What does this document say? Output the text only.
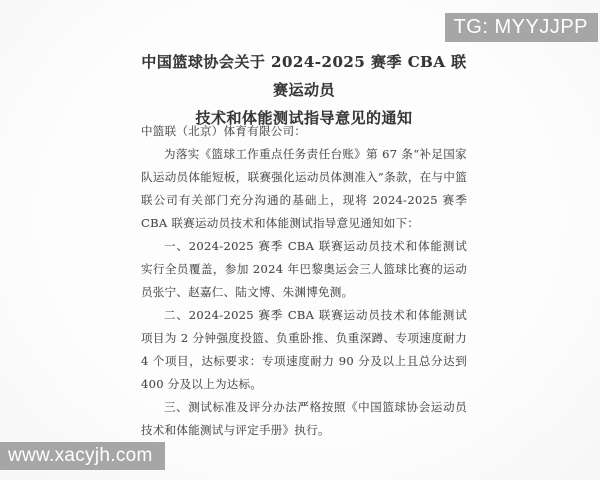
中国篮球协会关于 2024-2025 赛季 CBA 联赛运动员
技术和体能测试指导意见的通知

中篮联（北京）体育有限公司：

为落实《篮球工作重点任务责任台账》第 67 条“补足国家队运动员体能短板，联赛强化运动员体测准入”条款，在与中篮联公司有关部门充分沟通的基础上，现将 2024-2025 赛季 CBA 联赛运动员技术和体能测试指导意见通知如下：

一、2024-2025 赛季 CBA 联赛运动员技术和体能测试实行全员覆盖，参加 2024 年巴黎奥运会三人篮球比赛的运动员张宁、赵嘉仁、陆文博、朱渊博免测。

二、2024-2025 赛季 CBA 联赛运动员技术和体能测试项目为 2 分钟强度投篮、负重卧推、负重深蹲、专项速度耐力 4 个项目，达标要求：专项速度耐力 90 分及以上且总分达到 400 分及以上为达标。

三、测试标准及评分办法严格按照《中国篮球协会运动员技术和体能测试与评定手册》执行。

TG: MYYJJPP
www.xacyjh.com
